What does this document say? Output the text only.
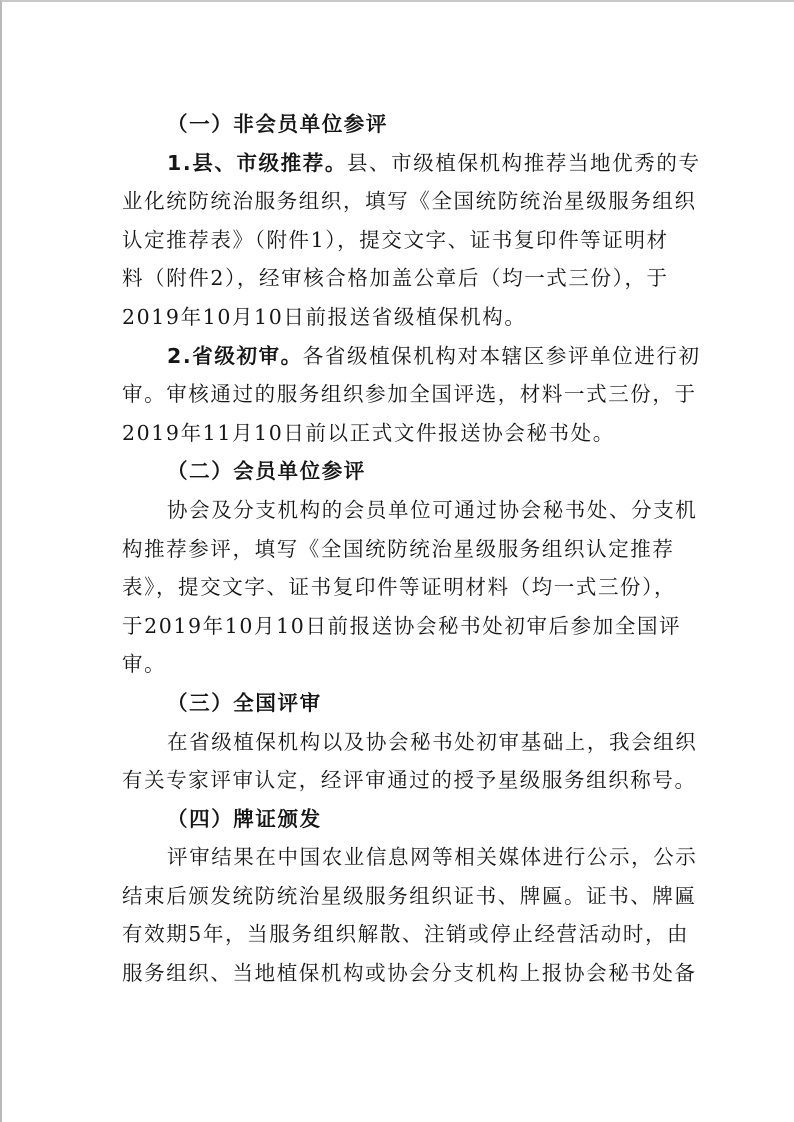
（一）非会员单位参评
1.县、市级推荐。县、市级植保机构推荐当地优秀的专
业化统防统治服务组织，填写《全国统防统治星级服务组织
认定推荐表》（附件1），提交文字、证书复印件等证明材
料（附件2），经审核合格加盖公章后（均一式三份），于
2019年10月10日前报送省级植保机构。
2.省级初审。各省级植保机构对本辖区参评单位进行初
审。审核通过的服务组织参加全国评选，材料一式三份，于
2019年11月10日前以正式文件报送协会秘书处。
（二）会员单位参评
协会及分支机构的会员单位可通过协会秘书处、分支机
构推荐参评，填写《全国统防统治星级服务组织认定推荐
表》，提交文字、证书复印件等证明材料（均一式三份），
于2019年10月10日前报送协会秘书处初审后参加全国评
审。
（三）全国评审
在省级植保机构以及协会秘书处初审基础上，我会组织
有关专家评审认定，经评审通过的授予星级服务组织称号。
（四）牌证颁发
评审结果在中国农业信息网等相关媒体进行公示，公示
结束后颁发统防统治星级服务组织证书、牌匾。证书、牌匾
有效期5年，当服务组织解散、注销或停止经营活动时，由
服务组织、当地植保机构或协会分支机构上报协会秘书处备
